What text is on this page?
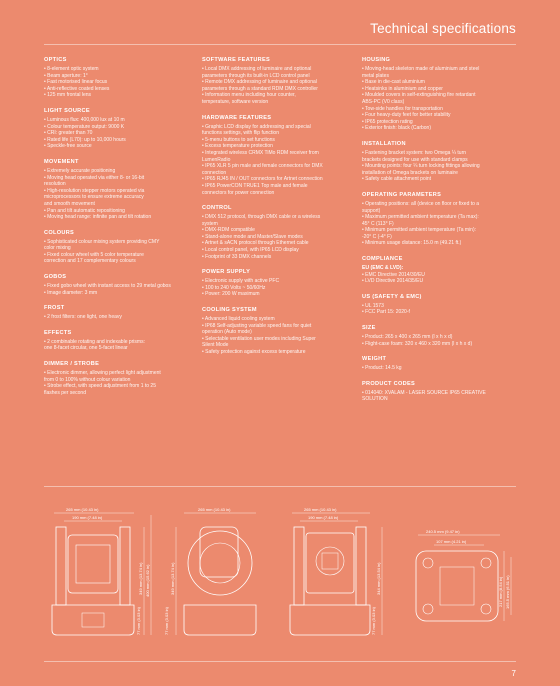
Technical specifications
OPTICS
• 8-element optic system
• Beam aperture: 1°
• Fast motorised linear focus
• Anti-reflective coated lenses
• 125 mm frontal lens
LIGHT SOURCE
• Luminous flux: 400,000 lux at 10 m
• Colour temperature output: 9000 K
• CRI: greater than 70
• Rated life (L70): up to 10,000 hours
• Speckle-free source
MOVEMENT
• Extremely accurate positioning
• Moving head operated via either 8- or 16-bit
resolution
• High-resolution stepper motors operated via
microprocessors to ensure extreme accuracy
and smooth movement
• Pan and tilt automatic repositioning
• Moving head range: infinite pan and tilt rotation
COLOURS
• Sophisticated colour mixing system providing CMY
color mixing
• Fixed colour wheel with 5 color temperature
correction and 17 complementary colours
GOBOS
• Fixed gobo wheel with instant access to 29 metal gobos
• Image diameter: 3 mm
FROST
• 2 frost filters: one light, one heavy
EFFECTS
• 2 combinable rotating and indexable prisms:
one 8-facet circular, one 5-facet linear
DIMMER / STROBE
• Electronic dimmer, allowing perfect light adjustment
from 0 to 100% without colour variation
• Strobe effect, with speed adjustment from 1 to 25
flashes per second
SOFTWARE FEATURES
• Local DMX addressing of luminaire and optional
parameters through its built-in LCD control panel
• Remote DMX addressing of luminaire and optional
parameters through a standard RDM DMX controller
• Information menu including hour counter,
temperature, software version
HARDWARE FEATURES
• Graphic LCD display for addressing and special
functions settings, with flip function
• 5-menu buttons to set functions
• Excess temperature protection
• Integrated wireless CRMX TiMo RDM receiver from
LumenRadio
• IP65 XLR 5 pin male and female connectors for DMX
connection
• IP65 RJ45 IN / OUT connectors for Artnet connection
• IP65 PowerCON TRUE1 Top male and female
connectors for power connection
CONTROL
• DMX 512 protocol, through DMX cable or a wireless
system
• DMX-RDM compatible
• Stand-alone mode and Master/Slave modes
• Artnet & sACN protocol through Ethernet cable
• Local control panel, with IP65 LCD display
• Footprint of 33 DMX channels
POWER SUPPLY
• Electronic supply with active PFC
• 100 to 240 Volts ~ 50/60Hz
• Power: 200 W maximum
COOLING SYSTEM
• Advanced liquid cooling system
• IP68 Self-adjusting variable speed fans for quiet
operation (Auto mode)
• Selectable ventilation user modes including Super
Silent Mode
• Safety protection against excess temperature
HOUSING
• Moving-head skeleton made of aluminium and steel
metal plates
• Base in die-cast aluminium
• Heatsinks in aluminium and copper
• Moulded covers in self-extinguishing fire retardant
ABS-PC (V0 class)
• Tow-side handles for transportation
• Four heavy-duty feet for better stability
• IP65 protection rating
• Exterior finish: black (Carbon)
INSTALLATION
• Fastening bracket system: two Omega ¼ turn
brackets designed for use with standard clamps
• Mounting points: four ¼ turn locking fittings allowing
installation of Omega brackets on luminaire
• Safety cable attachment point
OPERATING PARAMETERS
• Operating positions: all (device on floor or fixed to a
support)
• Maximum permitted ambient temperature (Ta max):
45° C (113° F)
• Minimum permitted ambient temperature (Ta min):
-20° C (-4° F)
• Minimum usage distance: 15.0 m (49.21 ft.)
COMPLIANCE
EU (EMC & LVD):
• EMC Directive 2014/30/EU
• LVD Directive 2014/35/EU
US (SAFETY & EMC)
• UL 1573
• FCC Part 15: 2020-f
SIZE
• Product: 265 x 400 x 265 mm (l x h x d)
• Flight-case foam: 320 x 460 x 320 mm (l x h x d)
WEIGHT
• Product: 14.5 kg
PRODUCT CODES
• 014040: XVALAM - LASER SOURCE IP65 CREATIVE
SOLUTION
265 mm (10.43 in)
190 mm (7.48 in)
349 mm (13.74 in) 400 mm (15.62 in)
77 mm (3.03 in)
265 mm (10.43 in)
349 mm (13.74 in)
77 mm (3.03 in)
265 mm (10.43 in)
190 mm (7.48 in)
344 mm (13.54 in)
77 mm (3.03 in)
240.5 mm (9.47 in)
107 mm (4.21 in)
217 mm (8.54 in) 165.5 mm (6.51 in)
7
